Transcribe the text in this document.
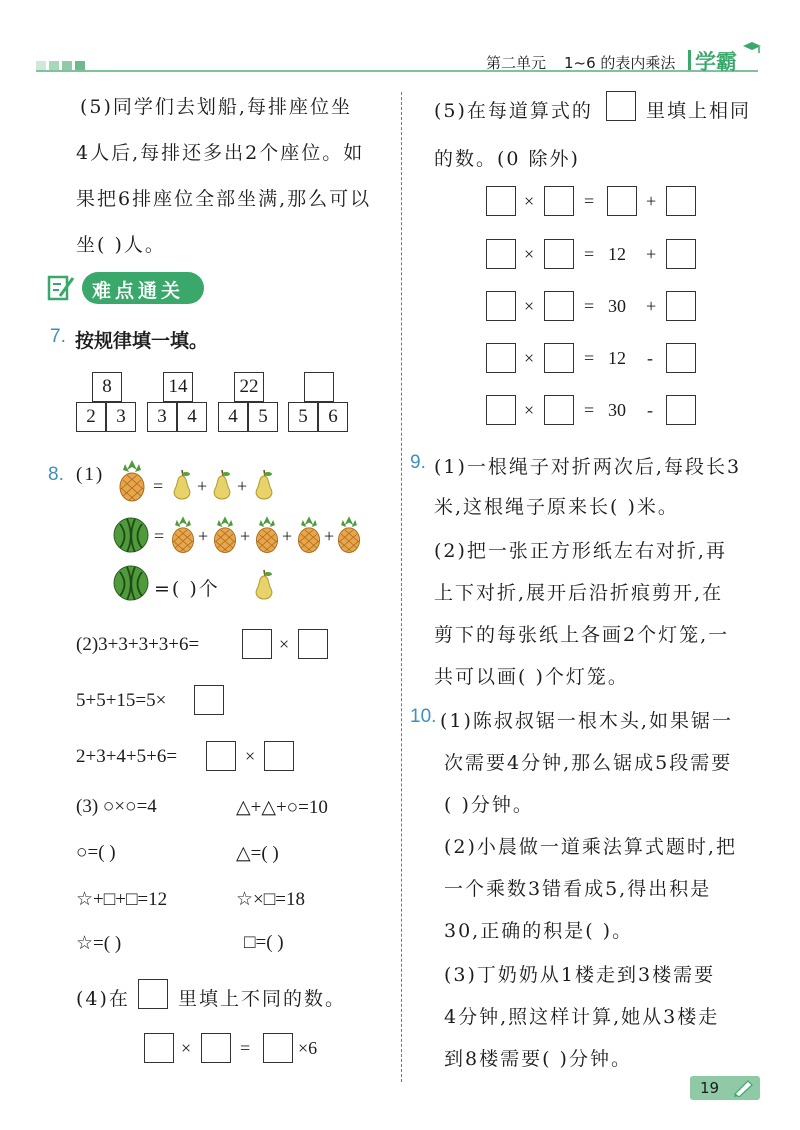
第二单元 1~6 的表内乘法 学霸
(5)同学们去划船,每排座位坐
4人后,每排还多出2个座位。如
果把6排座位全部坐满,那么可以
坐( )人。
难点通关
7. 按规律填一填。
8
2	3
14
3	4
22
4	5	5	6
8. (1)
= + +
= + + + +
=( )个
(2)3+3+3+3+6=	×
5+5+15=5×
2+3+4+5+6=	×
(3) ○×○=4	△+△+○=10
○=( )	△=( )
☆+□+□=12	☆×□=18
☆=( )	□=( )
(4)在	里填上不同的数。
×	=	×6
(5)在每道算式的	里填上相同
的数。(0 除外)
×	=	+
×	= 12 +
×	= 30 +
×	= 12 -
×	= 30 -
9. (1)一根绳子对折两次后,每段长3
米,这根绳子原来长( )米。
(2)把一张正方形纸左右对折,再
上下对折,展开后沿折痕剪开,在
剪下的每张纸上各画2个灯笼,一
共可以画( )个灯笼。
10. (1)陈叔叔锯一根木头,如果锯一
次需要4分钟,那么锯成5段需要
( )分钟。
(2)小晨做一道乘法算式题时,把
一个乘数3错看成5,得出积是
30,正确的积是( )。
(3)丁奶奶从1楼走到3楼需要
4分钟,照这样计算,她从3楼走
到8楼需要( )分钟。
19
